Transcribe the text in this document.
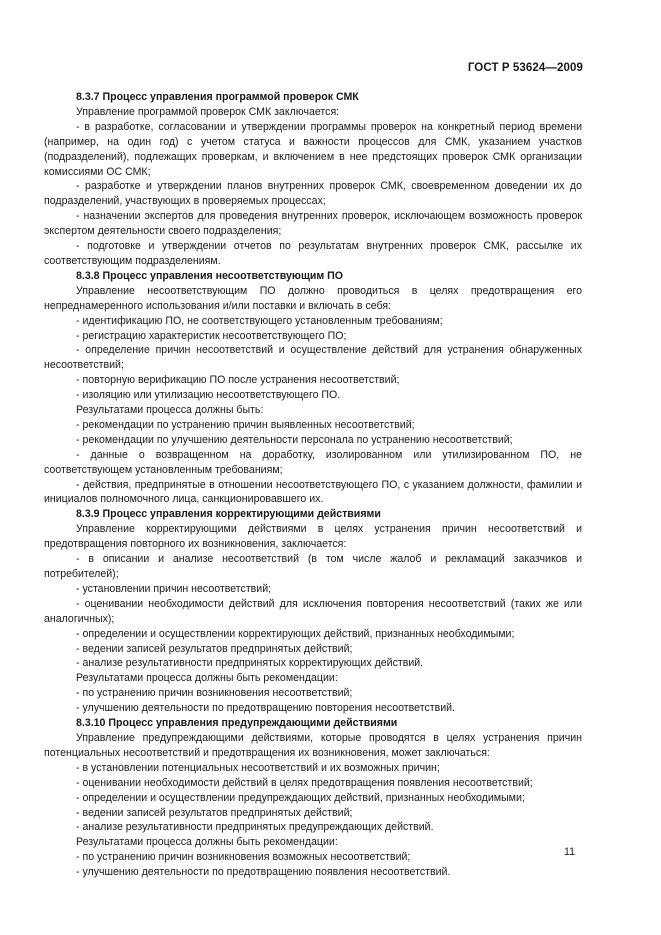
ГОСТ Р 53624—2009

8.3.7 Процесс управления программой проверок СМК

Управление программой проверок СМК заключается:

- в разработке, согласовании и утверждении программы проверок на конкретный период времени (например, на один год) с учетом статуса и важности процессов для СМК, указанием участков (подразделений), подлежащих проверкам, и включением в нее предстоящих проверок СМК организации комиссиями ОС СМК;

- разработке и утверждении планов внутренних проверок СМК, своевременном доведении их до подразделений, участвующих в проверяемых процессах;

- назначении экспертов для проведения внутренних проверок, исключающем возможность проверок экспертом деятельности своего подразделения;

- подготовке и утверждении отчетов по результатам внутренних проверок СМК, рассылке их соответствующим подразделениям.

8.3.8 Процесс управления несоответствующим ПО

Управление несоответствующим ПО должно проводиться в целях предотвращения его непреднамеренного использования и/или поставки и включать в себя:

- идентификацию ПО, не соответствующего установленным требованиям;

- регистрацию характеристик несоответствующего ПО;

- определение причин несоответствий и осуществление действий для устранения обнаруженных несоответствий;

- повторную верификацию ПО после устранения несоответствий;

- изоляцию или утилизацию несоответствующего ПО.

Результатами процесса должны быть:

- рекомендации по устранению причин выявленных несоответствий;

- рекомендации по улучшению деятельности персонала по устранению несоответствий;

- данные о возвращенном на доработку, изолированном или утилизированном ПО, не соответствующем установленным требованиям;

- действия, предпринятые в отношении несоответствующего ПО, с указанием должности, фамилии и инициалов полномочного лица, санкционировавшего их.

8.3.9 Процесс управления корректирующими действиями

Управление корректирующими действиями в целях устранения причин несоответствий и предотвращения повторного их возникновения, заключается:

- в описании и анализе несоответствий (в том числе жалоб и рекламаций заказчиков и потребителей);

- установлении причин несоответствий;

- оценивании необходимости действий для исключения повторения несоответствий (таких же или аналогичных);

- определении и осуществлении корректирующих действий, признанных необходимыми;

- ведении записей результатов предпринятых действий;

- анализе результативности предпринятых корректирующих действий.

Результатами процесса должны быть рекомендации:

- по устранению причин возникновения несоответствий;

- улучшению деятельности по предотвращению повторения несоответствий.

8.3.10 Процесс управления предупреждающими действиями

Управление предупреждающими действиями, которые проводятся в целях устранения причин потенциальных несоответствий и предотвращения их возникновения, может заключаться:

- в установлении потенциальных несоответствий и их возможных причин;

- оценивании необходимости действий в целях предотвращения появления несоответствий;

- определении и осуществлении предупреждающих действий, признанных необходимыми;

- ведении записей результатов предпринятых действий;

- анализе результативности предпринятых предупреждающих действий.

Результатами процесса должны быть рекомендации:

- по устранению причин возникновения возможных несоответствий;

- улучшению деятельности по предотвращению появления несоответствий.

11
